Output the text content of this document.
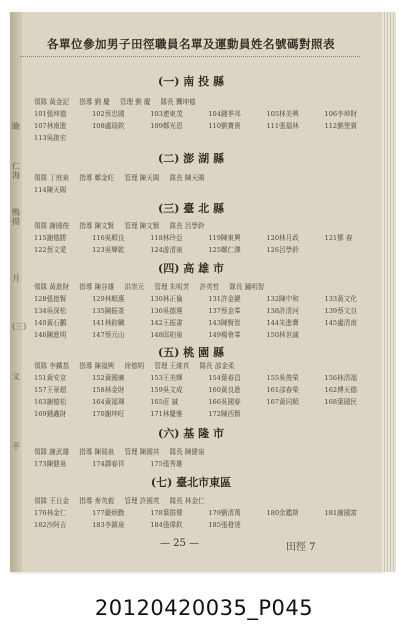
瞼
仁海
鴨揚
月
(三)
文
平
各單位參加男子田徑職員名單及運動員姓名號碼對照表
(一) 南 投 縣
領隊 黃金記 指導 劉 慶 管理 劉 慶 隊長 龔坤德
101張坤德	102蔡忠國	103連東茂	104鍾季邦	105林美興	106李坤財
107林南進	108盧瑞欽	109鄭光恩	110劉寶貴	111張福林	112劉堡賓
113吳啟宏
(二) 澎 湖 縣
領隊 丁庭泉 指導 鄭金旺 管理 陳天賜 隊長 陳天賜
114陳天賜
(三) 臺 北 縣
領隊 謝國俊 指導 陳文賢 管理 陳文賢 隊長 呂學鈴
115謝德勝	116吳順良	118林玲亞	119陳東興	120林月政	121鄧 春
122蔡文愛	123吳輝乾	124游清泉	125鄭仁澤	126呂學鈴
(四) 高 雄 市
領隊 黃進財 指導 陳谷雄 洪崇元 管理 朱明芳 許英哲 隊長 鐘明智
128張崑賢	129林順惠	130林正倫	131許金鍵	132陳中和	133黃文化
134吳深松	135陳振茶	136吳德遲	137蔡金峯	138許清河	139蔡文良
140黃石鵬	141林鈞麟	142王振書	143陳賢智	144朱進寶	145盧清南
146陳進明	147蔡元山	148邱柏泉	149楊會峯	150林世誠
(五) 桃 園 縣
領隊 李鐵基 指導 陳福興 徐德明 管理 王維真 隊長 邵金柔
151黃安京	152黃國廣	153王美輝	154葉春昌	155吳俊榮	156林清福
157王景超	158林金財	159吳文成	160黃良進	161邵春榮	162傅天德
163謝德松	164黃福琿	165莊 誠	166吳國春	167黃同順	168葉國民
169鍾鑫財	170謝坤旺	171林慶雅	172陳西賢
(六) 基 隆 市
領隊 謝武雄 指導 陳瑞泉 管理 陳國其 隊長 陳健泉
173陳健泉	174譚春祥	175張秀雄
(七) 臺北市東區
領隊 王日金 指導 麥英毅 管理 許國英 隊長 林金仁
176林金仁	177嚴炳勤	178葉群傳	179劉清萬	180余鑑斯	181謝國富
182沙阿吉	183李鎮泉	184張偉欽	185張發達
— 25 —	田徑 7
20120420035_P045
